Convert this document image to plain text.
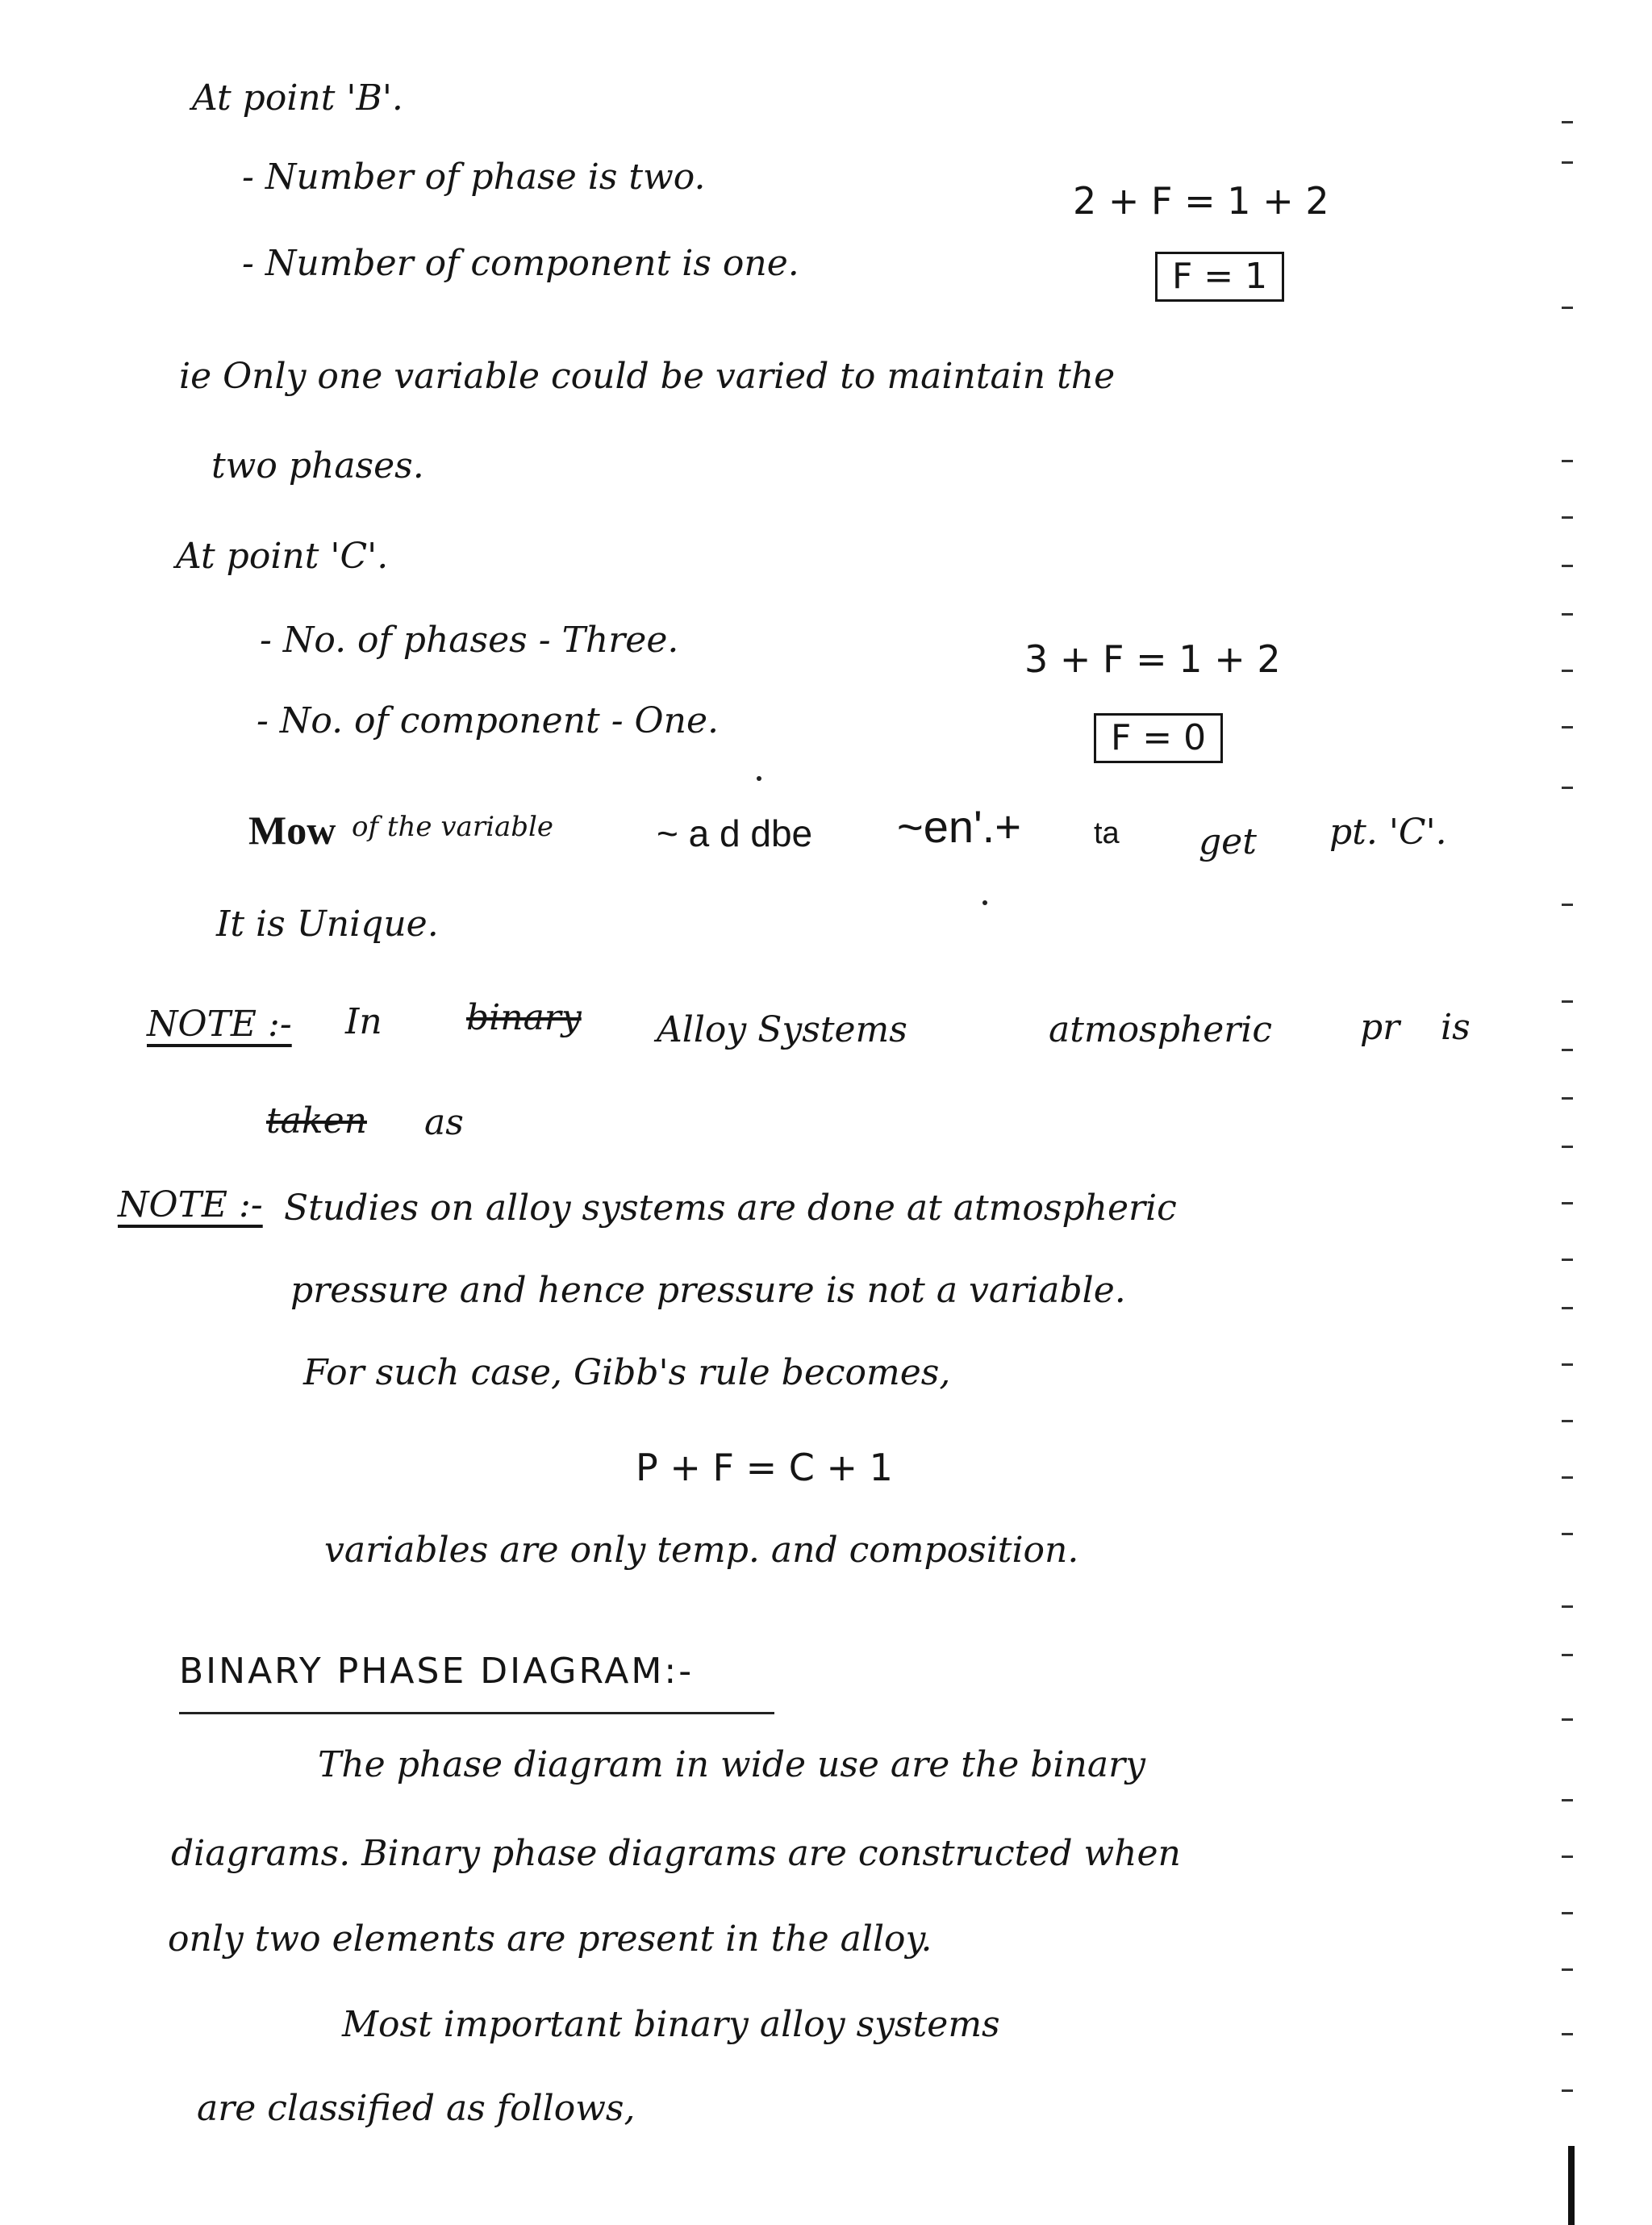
At point 'B'.
- Number of phase is two.
2 + F = 1 + 2
- Number of component is one.	F = 1
ie Only one variable could be varied to maintain the
two phases.
At point 'C'.
- No. of phases - Three.	3 + F = 1 + 2
- No. of component - One.	F = 0
Mow of the variable	~ a d dbe ~en'.+ ta get pt. 'C'.
It is Unique.
NOTE :- In binary Alloy Systems	atmospheric pr is
taken as
NOTE :- Studies on alloy systems are done at atmospheric
pressure and hence pressure is not a variable.
For such case, Gibb's rule becomes,
P + F = C + 1
variables are only temp. and composition.
BINARY PHASE DIAGRAM:-
The phase diagram in wide use are the binary
diagrams. Binary phase diagrams are constructed when
only two elements are present in the alloy.
Most important binary alloy systems
are classified as follows,
